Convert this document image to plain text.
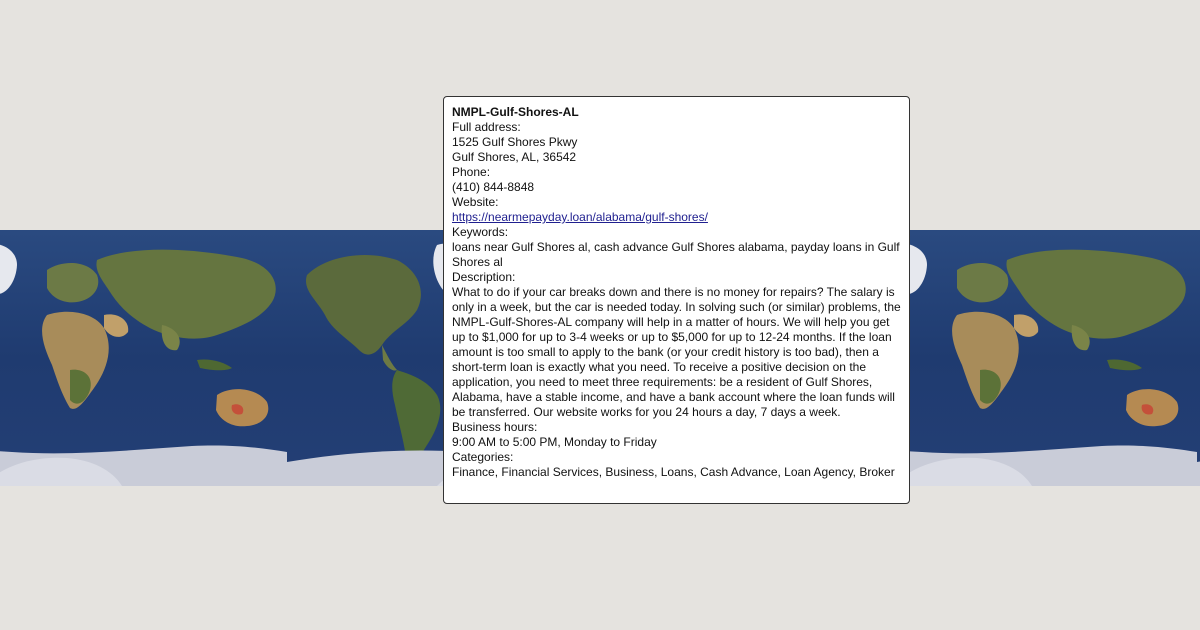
NMPL-Gulf-Shores-AL
Full address:
1525 Gulf Shores Pkwy
Gulf Shores, AL, 36542
Phone:
(410) 844-8848
Website:
https://nearmepayday.loan/alabama/gulf-shores/
Keywords:
loans near Gulf Shores al, cash advance Gulf Shores alabama, payday loans in Gulf Shores al
Description:
What to do if your car breaks down and there is no money for repairs? The salary is only in a week, but the car is needed today. In solving such (or similar) problems, the NMPL-Gulf-Shores-AL company will help in a matter of hours. We will help you get up to $1,000 for up to 3-4 weeks or up to $5,000 for up to 12-24 months. If the loan amount is too small to apply to the bank (or your credit history is too bad), then a short-term loan is exactly what you need. To receive a positive decision on the application, you need to meet three requirements: be a resident of Gulf Shores, Alabama, have a stable income, and have a bank account where the loan funds will be transferred. Our website works for you 24 hours a day, 7 days a week.
Business hours:
9:00 AM to 5:00 PM, Monday to Friday
Categories:
Finance, Financial Services, Business, Loans, Cash Advance, Loan Agency, Broker
